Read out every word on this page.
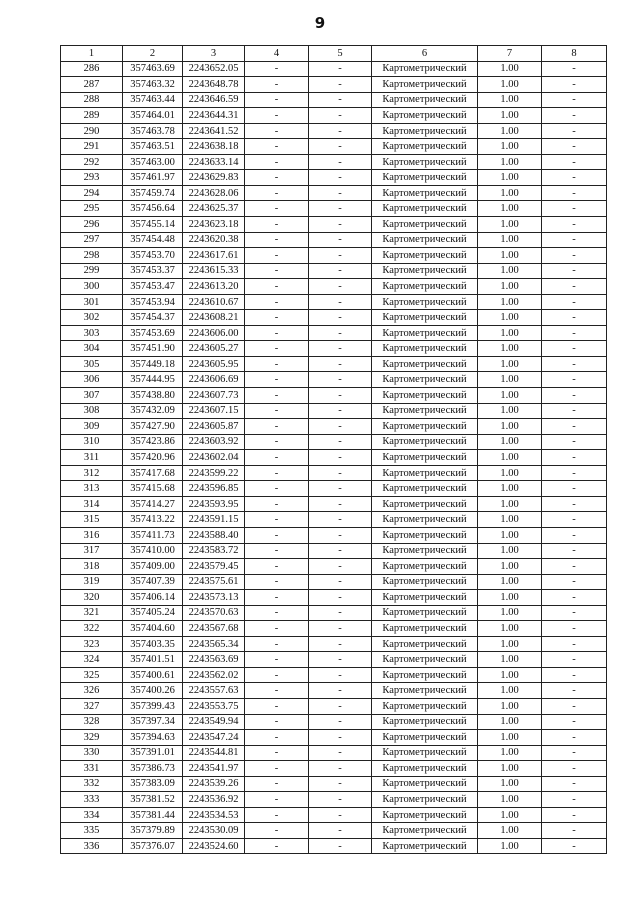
9
1	2	3	4	5	6	7	8
286	357463.69	2243652.05	-	-	Картометрический	1.00	-
287	357463.32	2243648.78	-	-	Картометрический	1.00	-
288	357463.44	2243646.59	-	-	Картометрический	1.00	-
289	357464.01	2243644.31	-	-	Картометрический	1.00	-
290	357463.78	2243641.52	-	-	Картометрический	1.00	-
291	357463.51	2243638.18	-	-	Картометрический	1.00	-
292	357463.00	2243633.14	-	-	Картометрический	1.00	-
293	357461.97	2243629.83	-	-	Картометрический	1.00	-
294	357459.74	2243628.06	-	-	Картометрический	1.00	-
295	357456.64	2243625.37	-	-	Картометрический	1.00	-
296	357455.14	2243623.18	-	-	Картометрический	1.00	-
297	357454.48	2243620.38	-	-	Картометрический	1.00	-
298	357453.70	2243617.61	-	-	Картометрический	1.00	-
299	357453.37	2243615.33	-	-	Картометрический	1.00	-
300	357453.47	2243613.20	-	-	Картометрический	1.00	-
301	357453.94	2243610.67	-	-	Картометрический	1.00	-
302	357454.37	2243608.21	-	-	Картометрический	1.00	-
303	357453.69	2243606.00	-	-	Картометрический	1.00	-
304	357451.90	2243605.27	-	-	Картометрический	1.00	-
305	357449.18	2243605.95	-	-	Картометрический	1.00	-
306	357444.95	2243606.69	-	-	Картометрический	1.00	-
307	357438.80	2243607.73	-	-	Картометрический	1.00	-
308	357432.09	2243607.15	-	-	Картометрический	1.00	-
309	357427.90	2243605.87	-	-	Картометрический	1.00	-
310	357423.86	2243603.92	-	-	Картометрический	1.00	-
311	357420.96	2243602.04	-	-	Картометрический	1.00	-
312	357417.68	2243599.22	-	-	Картометрический	1.00	-
313	357415.68	2243596.85	-	-	Картометрический	1.00	-
314	357414.27	2243593.95	-	-	Картометрический	1.00	-
315	357413.22	2243591.15	-	-	Картометрический	1.00	-
316	357411.73	2243588.40	-	-	Картометрический	1.00	-
317	357410.00	2243583.72	-	-	Картометрический	1.00	-
318	357409.00	2243579.45	-	-	Картометрический	1.00	-
319	357407.39	2243575.61	-	-	Картометрический	1.00	-
320	357406.14	2243573.13	-	-	Картометрический	1.00	-
321	357405.24	2243570.63	-	-	Картометрический	1.00	-
322	357404.60	2243567.68	-	-	Картометрический	1.00	-
323	357403.35	2243565.34	-	-	Картометрический	1.00	-
324	357401.51	2243563.69	-	-	Картометрический	1.00	-
325	357400.61	2243562.02	-	-	Картометрический	1.00	-
326	357400.26	2243557.63	-	-	Картометрический	1.00	-
327	357399.43	2243553.75	-	-	Картометрический	1.00	-
328	357397.34	2243549.94	-	-	Картометрический	1.00	-
329	357394.63	2243547.24	-	-	Картометрический	1.00	-
330	357391.01	2243544.81	-	-	Картометрический	1.00	-
331	357386.73	2243541.97	-	-	Картометрический	1.00	-
332	357383.09	2243539.26	-	-	Картометрический	1.00	-
333	357381.52	2243536.92	-	-	Картометрический	1.00	-
334	357381.44	2243534.53	-	-	Картометрический	1.00	-
335	357379.89	2243530.09	-	-	Картометрический	1.00	-
336	357376.07	2243524.60	-	-	Картометрический	1.00	-
